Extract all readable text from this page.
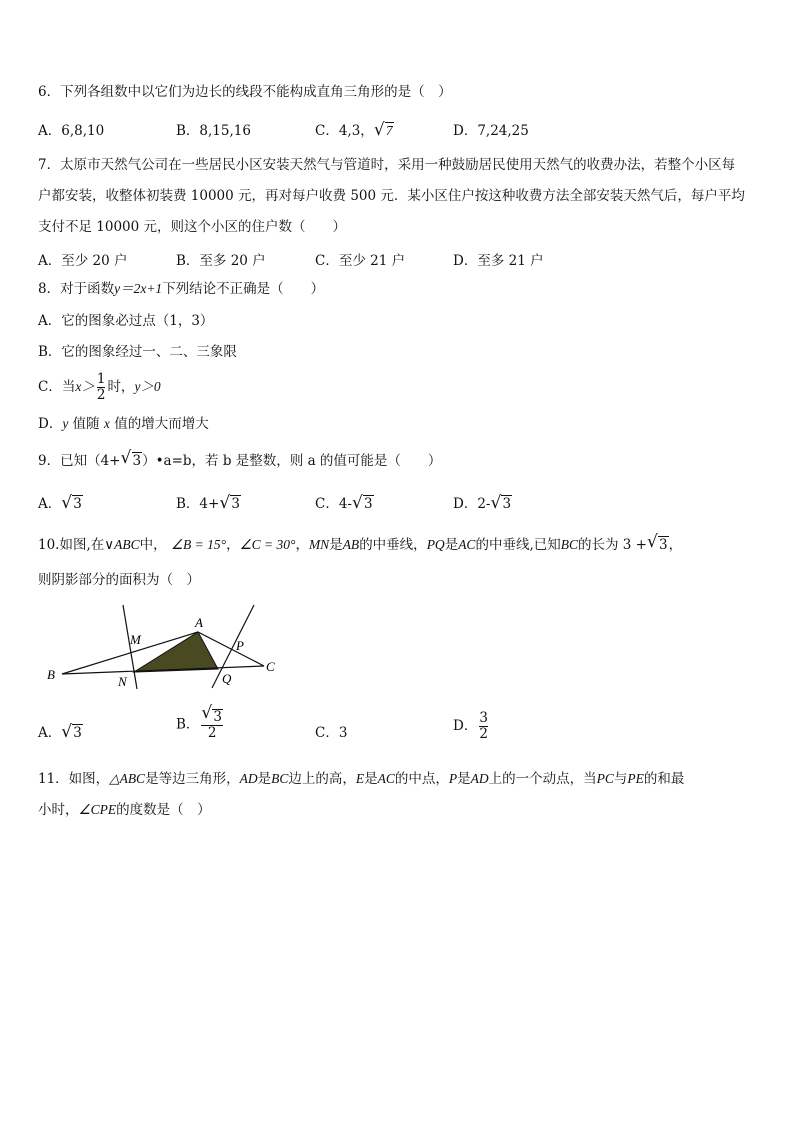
6．下列各组数中以它们为边长的线段不能构成直角三角形的是（　）
A．6,8,10	B．8,15,16	C．4,3， √ 7	D．7,24,25
7．太原市天然气公司在一些居民小区安装天然气与管道时，采用一种鼓励居民使用天然气的收费办法，若整个小区每
户都安装，收整体初装费 10000 元，再对每户收费 500 元．某小区住户按这种收费方法全部安装天然气后，每户平均
支付不足 10000 元，则这个小区的住户数（　　）
A．至少 20 户	B．至多 20 户	C．至少 21 户	D．至多 21 户
8．对于函数y＝2x+1下列结论不正确是（　　）
A．它的图象必过点（1，3）
B．它的图象经过一、二、三象限
C．当$x> \frac{1}{2}$ 时，y＞0
D．y 值随 x 值的增大而增大
9．已知（4+ √ 3）•a=b，若 b 是整数，则 a 的值可能是（　　）
A． √ 3	B．4+ √ 3	C．4- √ 3	D．2- √ 3
10.如图,在∨ABC中， ∠B = 15°，∠C = 30°，MN是AB的中垂线，PQ是AC的中垂线,已知BC的长为 3 + √ 3，
则阴影部分的面积为（　）
A
B
C
M
N
P
Q
A． √ 3
B． $\frac{√ 3}{2}$	C．3	D． $\frac{3}{2}$
11．如图，△ABC是等边三角形，AD是BC边上的高，E是AC的中点，P是AD上的一个动点，当PC与PE的和最
小时，∠CPE的度数是（　）
